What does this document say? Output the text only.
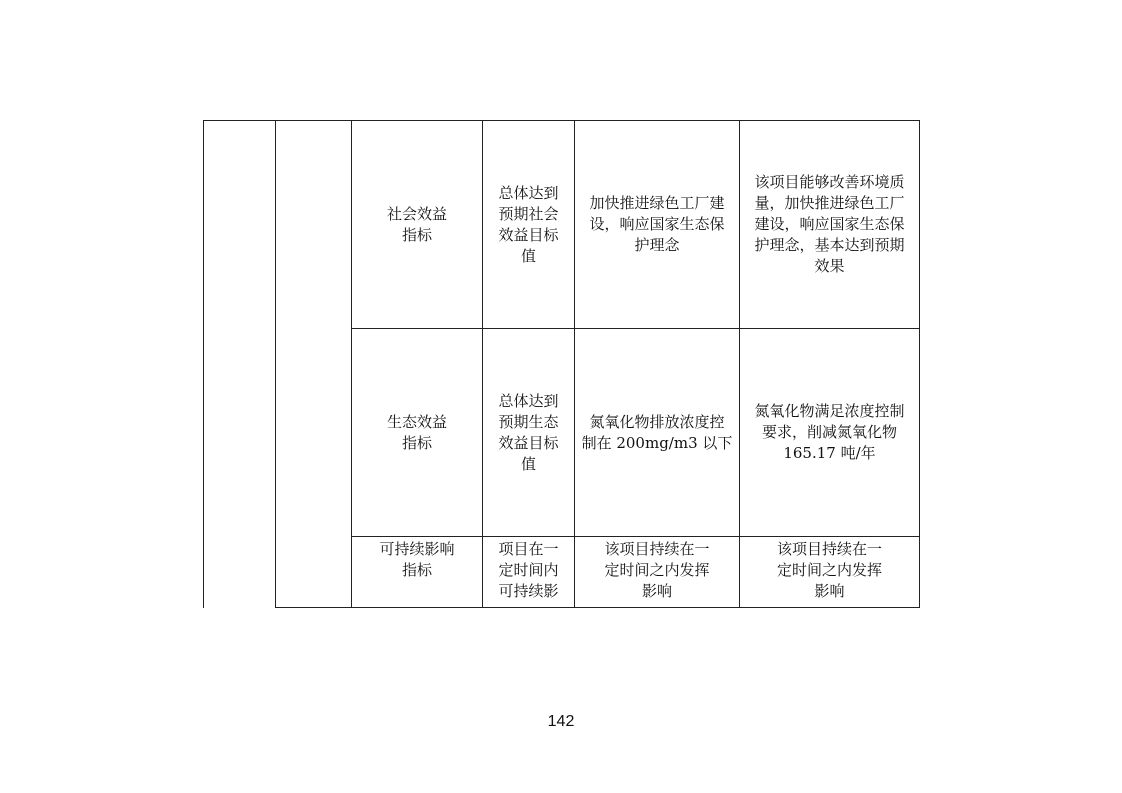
		社会效益
指标	总体达到
预期社会
效益目标
值	加快推进绿色工厂建
设，响应国家生态保
护理念	该项目能够改善环境质
量，加快推进绿色工厂
建设，响应国家生态保
护理念，基本达到预期
效果
		生态效益
指标	总体达到
预期生态
效益目标
值	氮氧化物排放浓度控
制在 200mg/m3 以下	氮氧化物满足浓度控制
要求，削减氮氧化物
165.17 吨/年
		可持续影响
指标	项目在一
定时间内
可持续影	该项目持续在一
定时间之内发挥
影响	该项目持续在一
定时间之内发挥
影响
142
